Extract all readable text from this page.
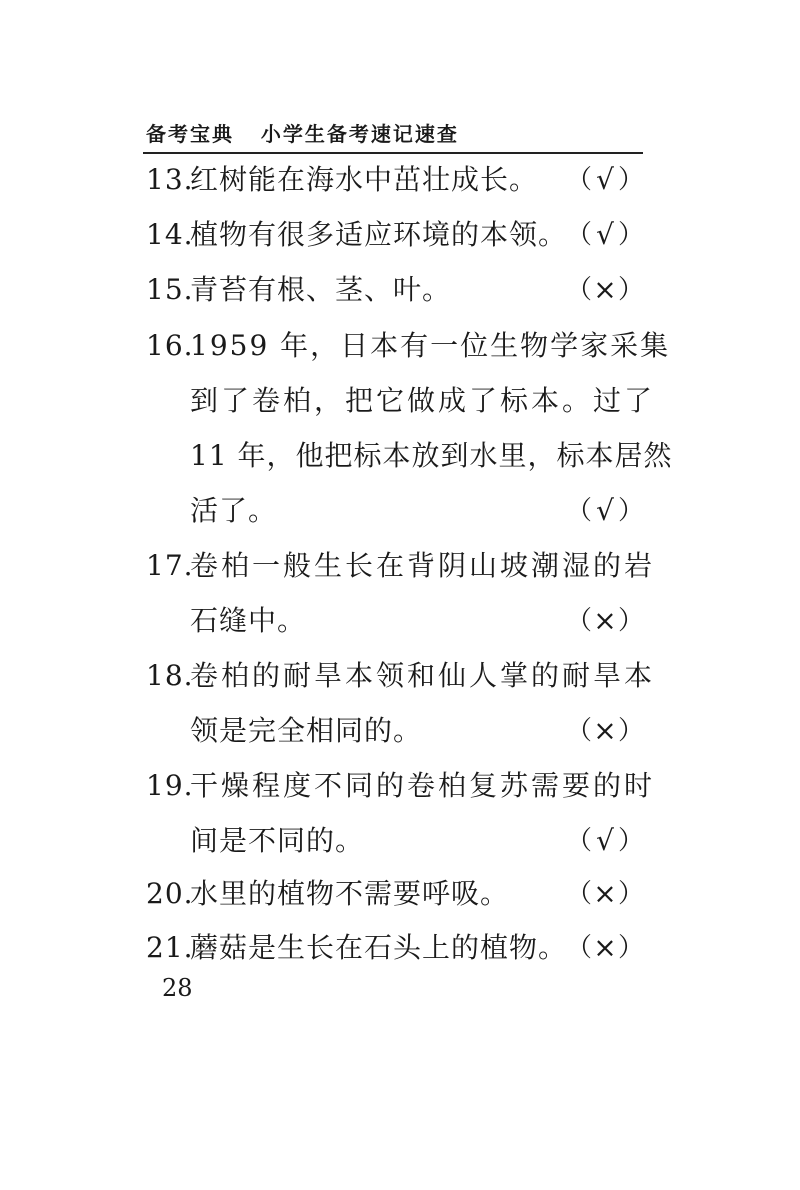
备考宝典 小学生备考速记速查
13.
红树能在海水中茁壮成长。 （ √ ）
14.
植物有很多适应环境的本领。
（ √ ）
15.
青苔有根、茎、叶。	（ × ）
16.
1959 年，日本有一位生物学家采集
到了卷柏，把它做成了标本。过了
11 年，他把标本放到水里，标本居然
活了。	（ √ ）
17.
卷柏一般生长在背阴山坡潮湿的岩
石缝中。	（ × ）
18.
卷柏的耐旱本领和仙人掌的耐旱本
领是完全相同的。	（ × ）
19.
干燥程度不同的卷柏复苏需要的时
间是不同的。	（ √ ）
20.
水里的植物不需要呼吸。 （ × ）
21.
蘑菇是生长在石头上的植物。
（ × ）
28
